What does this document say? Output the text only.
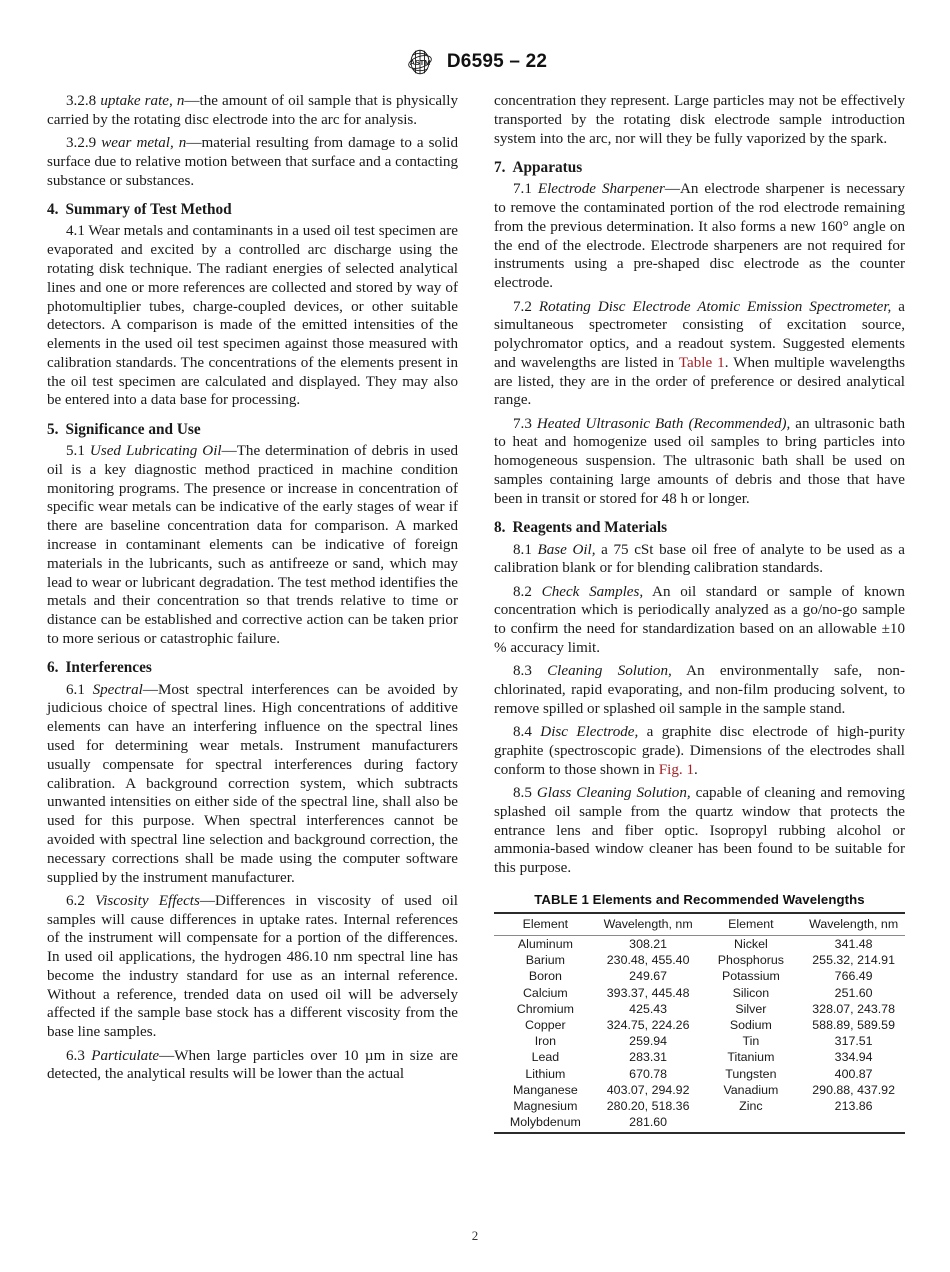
ASTM D6595 – 22

3.2.8 uptake rate, n—the amount of oil sample that is physically carried by the rotating disc electrode into the arc for analysis.

3.2.9 wear metal, n—material resulting from damage to a solid surface due to relative motion between that surface and a contacting substance or substances.

4. Summary of Test Method

4.1 Wear metals and contaminants in a used oil test specimen are evaporated and excited by a controlled arc discharge using the rotating disk technique. The radiant energies of selected analytical lines and one or more references are collected and stored by way of photomultiplier tubes, charge-coupled devices, or other suitable detectors. A comparison is made of the emitted intensities of the elements in the used oil test specimen against those measured with calibration standards. The concentrations of the elements present in the oil test specimen are calculated and displayed. They may also be entered into a data base for processing.

5. Significance and Use

5.1 Used Lubricating Oil—The determination of debris in used oil is a key diagnostic method practiced in machine condition monitoring programs. The presence or increase in concentration of specific wear metals can be indicative of the early stages of wear if there are baseline concentration data for comparison. A marked increase in contaminant elements can be indicative of foreign materials in the lubricants, such as antifreeze or sand, which may lead to wear or lubricant degradation. The test method identifies the metals and their concentration so that trends relative to time or distance can be established and corrective action can be taken prior to more serious or catastrophic failure.

6. Interferences

6.1 Spectral—Most spectral interferences can be avoided by judicious choice of spectral lines. High concentrations of additive elements can have an interfering influence on the spectral lines used for determining wear metals. Instrument manufacturers usually compensate for spectral interferences during factory calibration. A background correction system, which subtracts unwanted intensities on either side of the spectral line, shall also be used for this purpose. When spectral interferences cannot be avoided with spectral line selection and background correction, the necessary corrections shall be made using the computer software supplied by the instrument manufacturer.

6.2 Viscosity Effects—Differences in viscosity of used oil samples will cause differences in uptake rates. Internal references of the instrument will compensate for a portion of the differences. In used oil applications, the hydrogen 486.10 nm spectral line has become the industry standard for use as an internal reference. Without a reference, trended data on used oil will be adversely affected if the sample base stock has a different viscosity from the base line samples.

6.3 Particulate—When large particles over 10 µm in size are detected, the analytical results will be lower than the actual

concentration they represent. Large particles may not be effectively transported by the rotating disk electrode sample introduction system into the arc, nor will they be fully vaporized by the spark.

7. Apparatus

7.1 Electrode Sharpener—An electrode sharpener is necessary to remove the contaminated portion of the rod electrode remaining from the previous determination. It also forms a new 160° angle on the end of the electrode. Electrode sharpeners are not required for instruments using a pre-shaped disc electrode as the counter electrode.

7.2 Rotating Disc Electrode Atomic Emission Spectrometer, a simultaneous spectrometer consisting of excitation source, polychromator optics, and a readout system. Suggested elements and wavelengths are listed in Table 1. When multiple wavelengths are listed, they are in the order of preference or desired analytical range.

7.3 Heated Ultrasonic Bath (Recommended), an ultrasonic bath to heat and homogenize used oil samples to bring particles into homogeneous suspension. The ultrasonic bath shall be used on samples containing large amounts of debris and those that have been in transit or stored for 48 h or longer.

8. Reagents and Materials

8.1 Base Oil, a 75 cSt base oil free of analyte to be used as a calibration blank or for blending calibration standards.

8.2 Check Samples, An oil standard or sample of known concentration which is periodically analyzed as a go/no-go sample to confirm the need for standardization based on an allowable ±10 % accuracy limit.

8.3 Cleaning Solution, An environmentally safe, non-chlorinated, rapid evaporating, and non-film producing solvent, to remove spilled or splashed oil sample in the sample stand.

8.4 Disc Electrode, a graphite disc electrode of high-purity graphite (spectroscopic grade). Dimensions of the electrodes shall conform to those shown in Fig. 1.

8.5 Glass Cleaning Solution, capable of cleaning and removing splashed oil sample from the quartz window that protects the entrance lens and fiber optic. Isopropyl rubbing alcohol or ammonia-based window cleaner has been found to be suitable for this purpose.

TABLE 1 Elements and Recommended Wavelengths
Element	Wavelength, nm	Element	Wavelength, nm
Aluminum	308.21	Nickel	341.48
Barium	230.48, 455.40	Phosphorus	255.32, 214.91
Boron	249.67	Potassium	766.49
Calcium	393.37, 445.48	Silicon	251.60
Chromium	425.43	Silver	328.07, 243.78
Copper	324.75, 224.26	Sodium	588.89, 589.59
Iron	259.94	Tin	317.51
Lead	283.31	Titanium	334.94
Lithium	670.78	Tungsten	400.87
Manganese	403.07, 294.92	Vanadium	290.88, 437.92
Magnesium	280.20, 518.36	Zinc	213.86
Molybdenum	281.60		

2
